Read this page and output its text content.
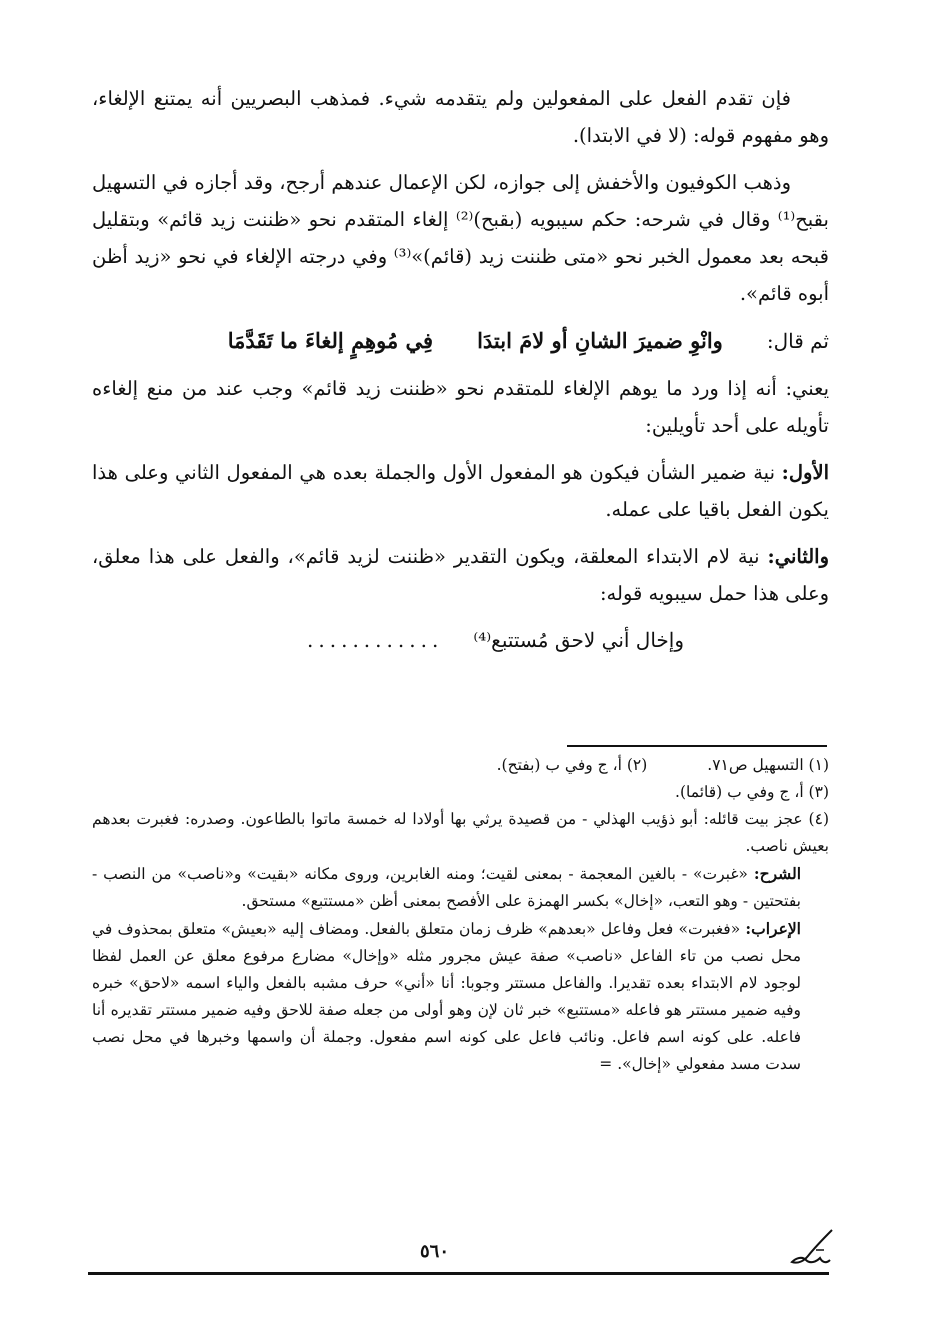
فإن تقدم الفعل على المفعولين ولم يتقدمه شيء. فمذهب البصريين أنه يمتنع الإلغاء، وهو مفهوم قوله: (لا في الابتدا).

وذهب الكوفيون والأخفش إلى جوازه، لكن الإعمال عندهم أرجح، وقد أجازه في التسهيل بقبح⁽¹⁾ وقال في شرحه: حكم سيبويه (بقبح)⁽²⁾ إلغاء المتقدم نحو «ظننت زيد قائم» وبتقليل قبحه بعد معمول الخبر نحو «متى ظننت زيد (قائم)»⁽³⁾ وفي درجته الإلغاء في نحو «زيد أظن أبوه قائم».

ثم قال:
وانْوِ ضميرَ الشانِ أو لامَ ابتدَا
فِي مُوهِمٍ إلغاءَ ما تَقَدَّمَا

يعني: أنه إذا ورد ما يوهم الإلغاء للمتقدم نحو «ظننت زيد قائم» وجب عند من منع إلغاءه تأويله على أحد تأويلين:

الأول: نية ضمير الشأن فيكون هو المفعول الأول والجملة بعده هي المفعول الثاني وعلى هذا يكون الفعل باقيا على عمله.

والثاني: نية لام الابتداء المعلقة، ويكون التقدير «ظننت لزيد قائم»، والفعل على هذا معلق، وعلى هذا حمل سيبويه قوله:

وإخال أني لاحق مُستتبع⁽⁴⁾
............
(١) التسهيل ص٧١.
(٢) أ، ج وفي ب (بفتح).

(٣) أ، ج وفي ب (قائما).

(٤) عجز بيت قائله: أبو ذؤيب الهذلي - من قصيدة يرثي بها أولادا له خمسة ماتوا بالطاعون. وصدره: فغبرت بعدهم بعيش ناصب.

الشرح: «غبرت» - بالغين المعجمة - بمعنى لقيت؛ ومنه الغابرين، وروى مكانه «بقيت» و«ناصب» من النصب - بفتحتين - وهو التعب، «إخال» بكسر الهمزة على الأفصح بمعنى أظن «مستتبع» مستحق.

الإعراب: «فغبرت» فعل وفاعل «بعدهم» ظرف زمان متعلق بالفعل. ومضاف إليه «بعيش» متعلق بمحذوف في محل نصب من تاء الفاعل «ناصب» صفة عيش مجرور مثله «وإخال» مضارع مرفوع معلق عن العمل لفظا لوجود لام الابتداء بعده تقديرا. والفاعل مستتر وجوبا: أنا «أني» حرف مشبه بالفعل والياء اسمه «لاحق» خبره وفيه ضمير مستتر هو فاعله «مستتبع» خبر ثان لإن وهو أولى من جعله صفة للاحق وفيه ضمير مستتر تقديره أنا فاعله. على كونه اسم فاعل. ونائب فاعل على كونه اسم مفعول. وجملة أن واسمها وخبرها في محل نصب سدت مسد مفعولي «إخال». =

٥٦٠
